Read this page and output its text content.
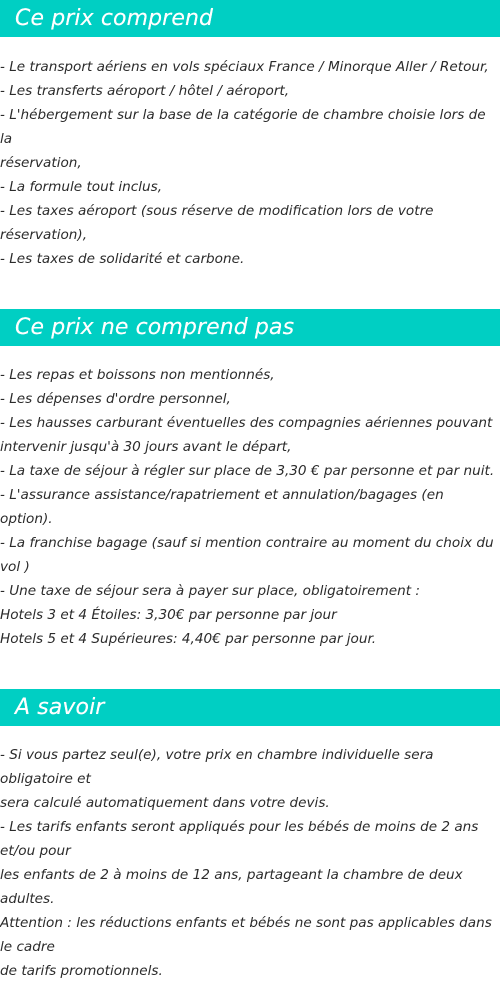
Ce prix comprend
- Le transport aériens en vols spéciaux France / Minorque Aller / Retour,
- Les transferts aéroport / hôtel / aéroport,
- L'hébergement sur la base de la catégorie de chambre choisie lors de la
réservation,
- La formule tout inclus,
- Les taxes aéroport (sous réserve de modification lors de votre réservation),
- Les taxes de solidarité et carbone.
Ce prix ne comprend pas
- Les repas et boissons non mentionnés,
- Les dépenses d'ordre personnel,
- Les hausses carburant éventuelles des compagnies aériennes pouvant
intervenir jusqu'à 30 jours avant le départ,
- La taxe de séjour à régler sur place de 3,30 € par personne et par nuit.
- L'assurance assistance/rapatriement et annulation/bagages (en option).
- La franchise bagage (sauf si mention contraire au moment du choix du vol )
- Une taxe de séjour sera à payer sur place, obligatoirement :
Hotels 3 et 4 Étoiles: 3,30€ par personne par jour
Hotels 5 et 4 Supérieures: 4,40€ par personne par jour.
A savoir
- Si vous partez seul(e), votre prix en chambre individuelle sera obligatoire et
sera calculé automatiquement dans votre devis.
- Les tarifs enfants seront appliqués pour les bébés de moins de 2 ans et/ou pour
les enfants de 2 à moins de 12 ans, partageant la chambre de deux adultes.
Attention : les réductions enfants et bébés ne sont pas applicables dans le cadre
de tarifs promotionnels.
